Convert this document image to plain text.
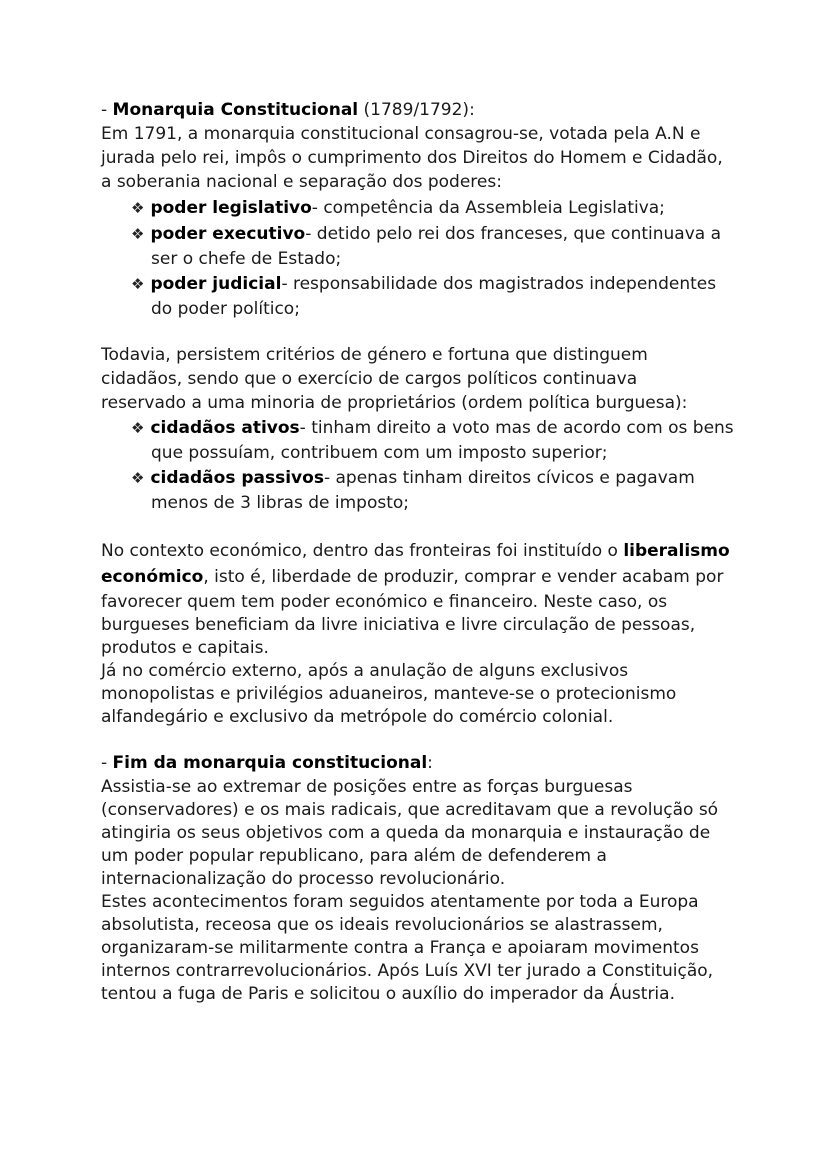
- Monarquia Constitucional (1789/1792):
Em 1791, a monarquia constitucional consagrou-se, votada pela A.N e
jurada pelo rei, impôs o cumprimento dos Direitos do Homem e Cidadão,
a soberania nacional e separação dos poderes:
❖ poder legislativo- competência da Assembleia Legislativa;
❖ poder executivo- detido pelo rei dos franceses, que continuava a
ser o chefe de Estado;
❖ poder judicial- responsabilidade dos magistrados independentes
do poder político;
Todavia, persistem critérios de género e fortuna que distinguem
cidadãos, sendo que o exercício de cargos políticos continuava
reservado a uma minoria de proprietários (ordem política burguesa):
❖ cidadãos ativos- tinham direito a voto mas de acordo com os bens
que possuíam, contribuem com um imposto superior;
❖ cidadãos passivos- apenas tinham direitos cívicos e pagavam
menos de 3 libras de imposto;
No contexto económico, dentro das fronteiras foi instituído o liberalismo
económico, isto é, liberdade de produzir, comprar e vender acabam por
favorecer quem tem poder económico e financeiro. Neste caso, os
burgueses beneficiam da livre iniciativa e livre circulação de pessoas,
produtos e capitais.
Já no comércio externo, após a anulação de alguns exclusivos
monopolistas e privilégios aduaneiros, manteve-se o protecionismo
alfandegário e exclusivo da metrópole do comércio colonial.
- Fim da monarquia constitucional:
Assistia-se ao extremar de posições entre as forças burguesas
(conservadores) e os mais radicais, que acreditavam que a revolução só
atingiria os seus objetivos com a queda da monarquia e instauração de
um poder popular republicano, para além de defenderem a
internacionalização do processo revolucionário.
Estes acontecimentos foram seguidos atentamente por toda a Europa
absolutista, receosa que os ideais revolucionários se alastrassem,
organizaram-se militarmente contra a França e apoiaram movimentos
internos contrarrevolucionários. Após Luís XVI ter jurado a Constituição,
tentou a fuga de Paris e solicitou o auxílio do imperador da Áustria.
